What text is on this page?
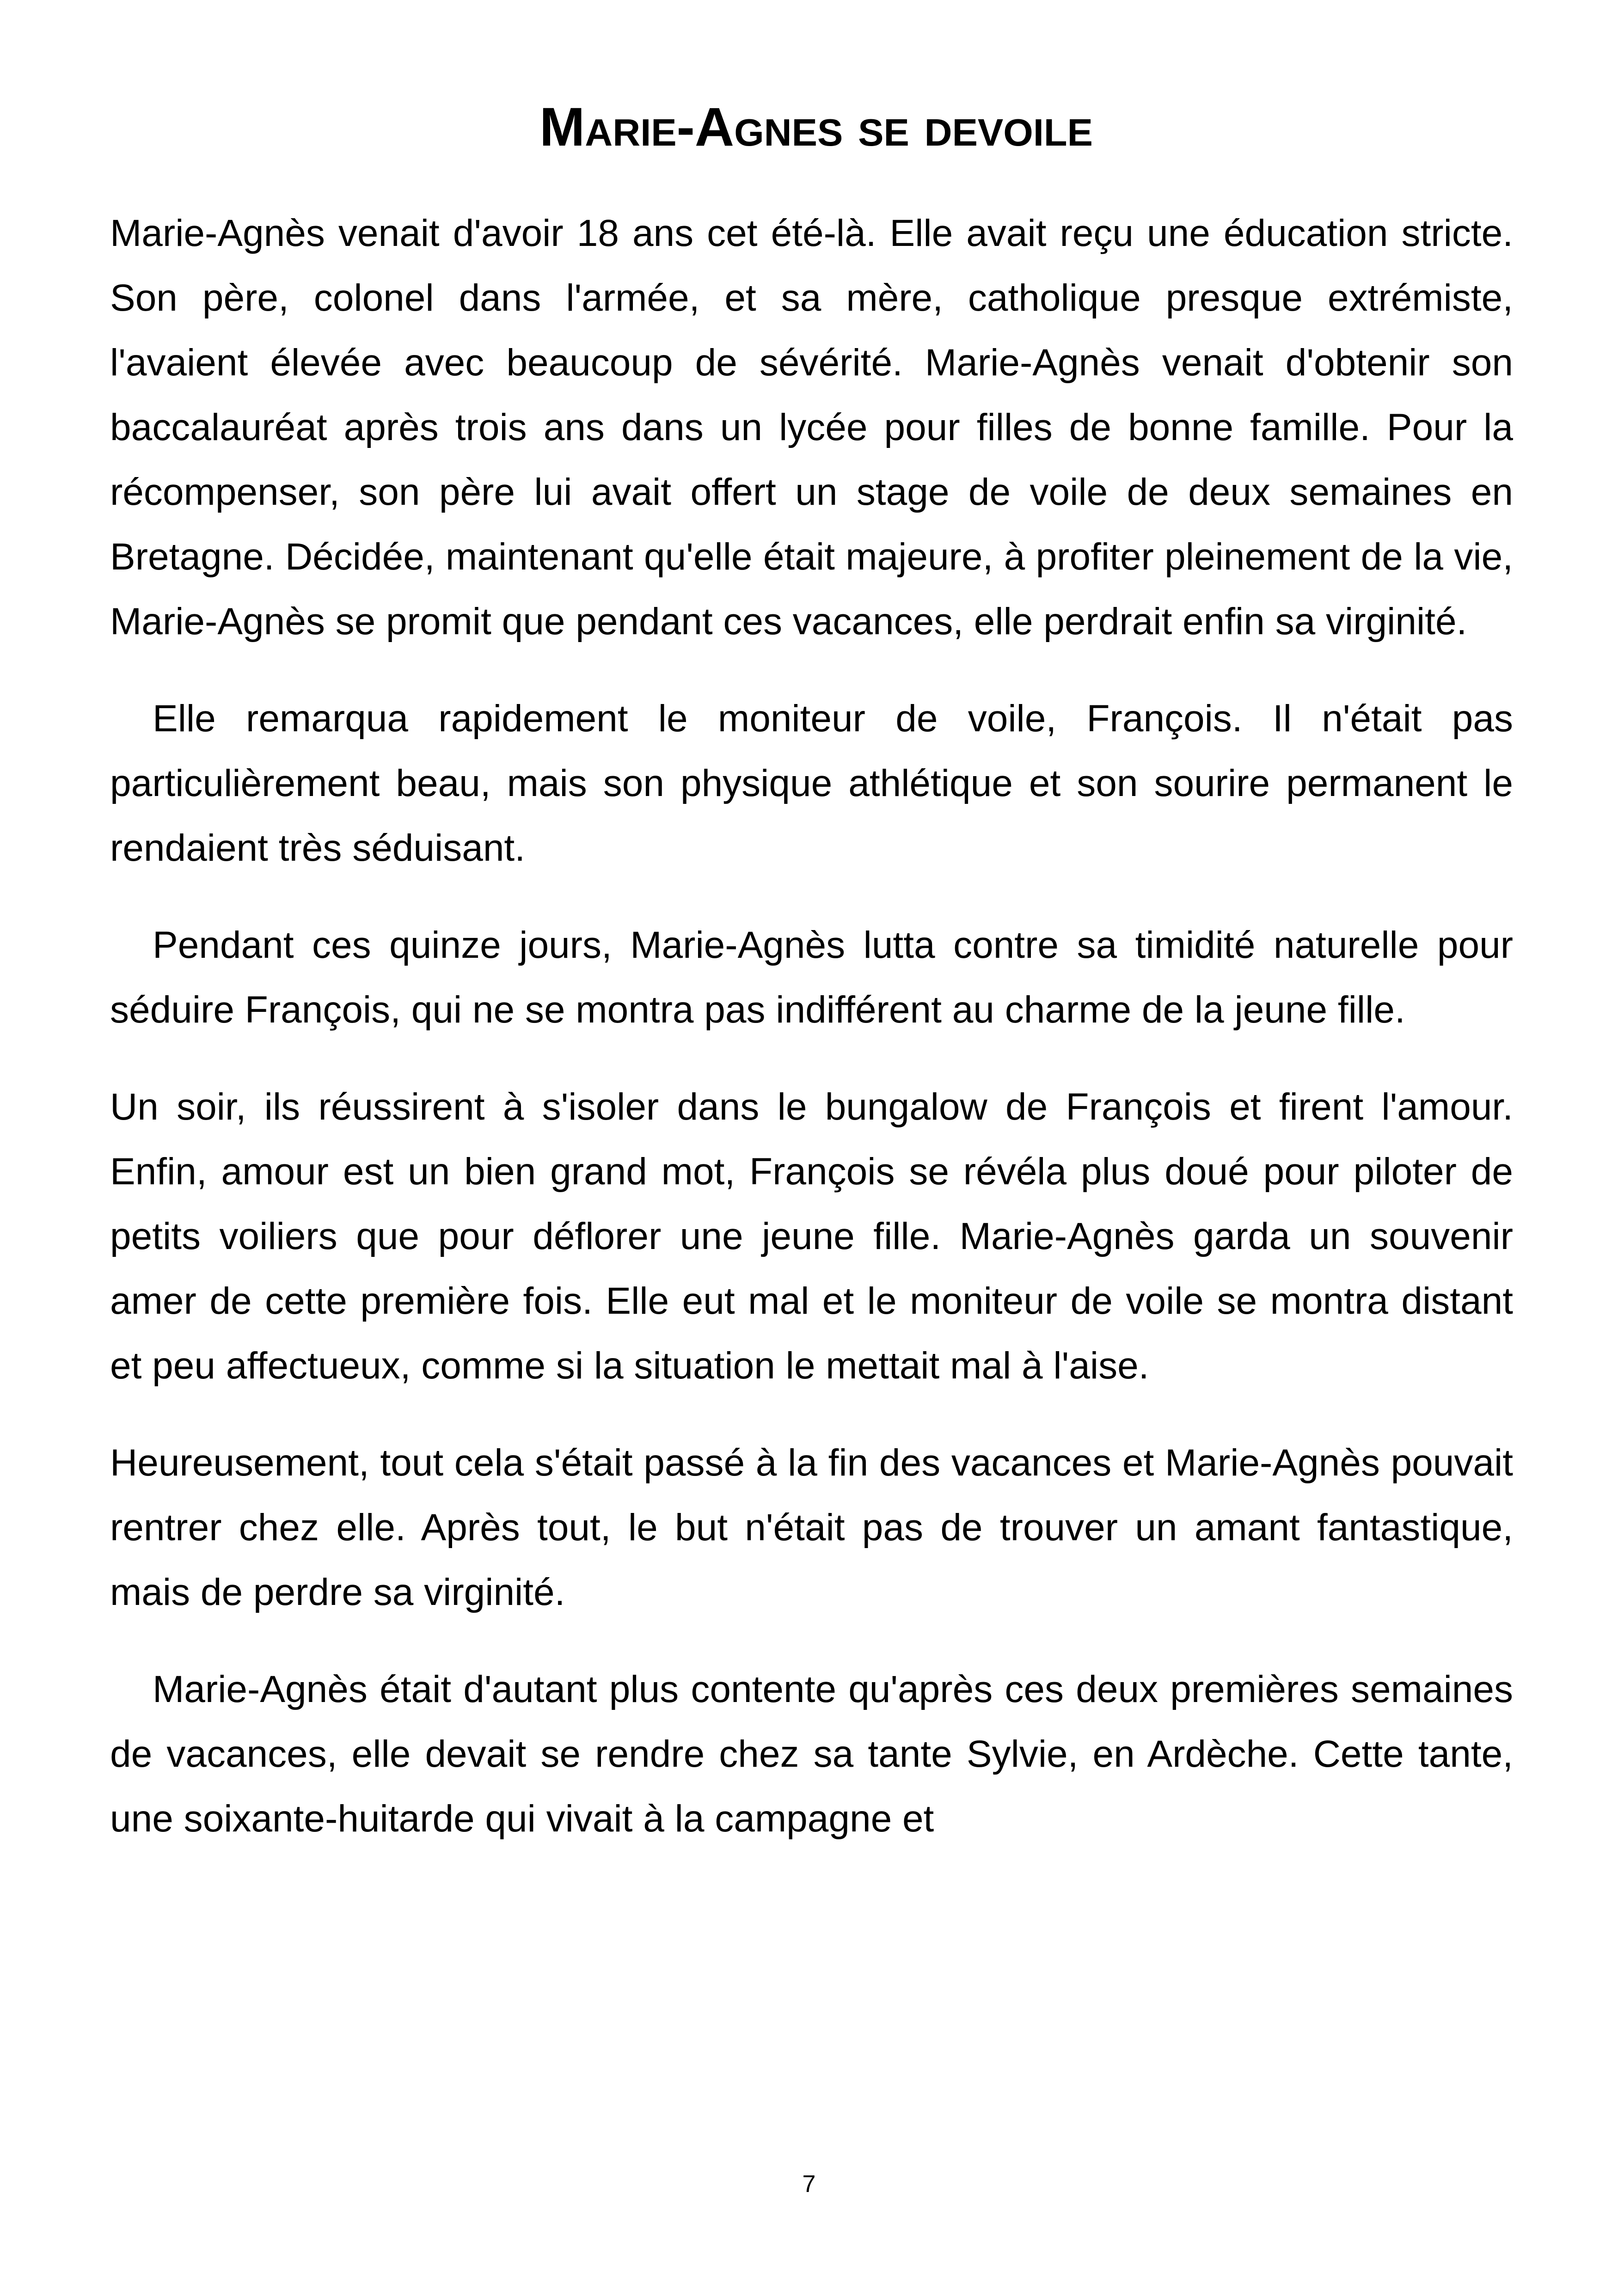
Marie-Agnes se devoile

Marie-Agnès venait d'avoir 18 ans cet été-là. Elle avait reçu une éducation stricte. Son père, colonel dans l'armée, et sa mère, catholique presque extrémiste, l'avaient élevée avec beaucoup de sévérité. Marie-Agnès venait d'obtenir son baccalauréat après trois ans dans un lycée pour filles de bonne famille. Pour la récompenser, son père lui avait offert un stage de voile de deux semaines en Bretagne. Décidée, maintenant qu'elle était majeure, à profiter pleinement de la vie, Marie-Agnès se promit que pendant ces vacances, elle perdrait enfin sa virginité.

Elle remarqua rapidement le moniteur de voile, François. Il n'était pas particulièrement beau, mais son physique athlétique et son sourire permanent le rendaient très séduisant.

Pendant ces quinze jours, Marie-Agnès lutta contre sa timidité naturelle pour séduire François, qui ne se montra pas indifférent au charme de la jeune fille.

Un soir, ils réussirent à s'isoler dans le bungalow de François et firent l'amour. Enfin, amour est un bien grand mot, François se révéla plus doué pour piloter de petits voiliers que pour déflorer une jeune fille. Marie-Agnès garda un souvenir amer de cette première fois. Elle eut mal et le moniteur de voile se montra distant et peu affectueux, comme si la situation le mettait mal à l'aise.

Heureusement, tout cela s'était passé à la fin des vacances et Marie-Agnès pouvait rentrer chez elle. Après tout, le but n'était pas de trouver un amant fantastique, mais de perdre sa virginité.

Marie-Agnès était d'autant plus contente qu'après ces deux premières semaines de vacances, elle devait se rendre chez sa tante Sylvie, en Ardèche. Cette tante, une soixante-huitarde qui vivait à la campagne et

7
